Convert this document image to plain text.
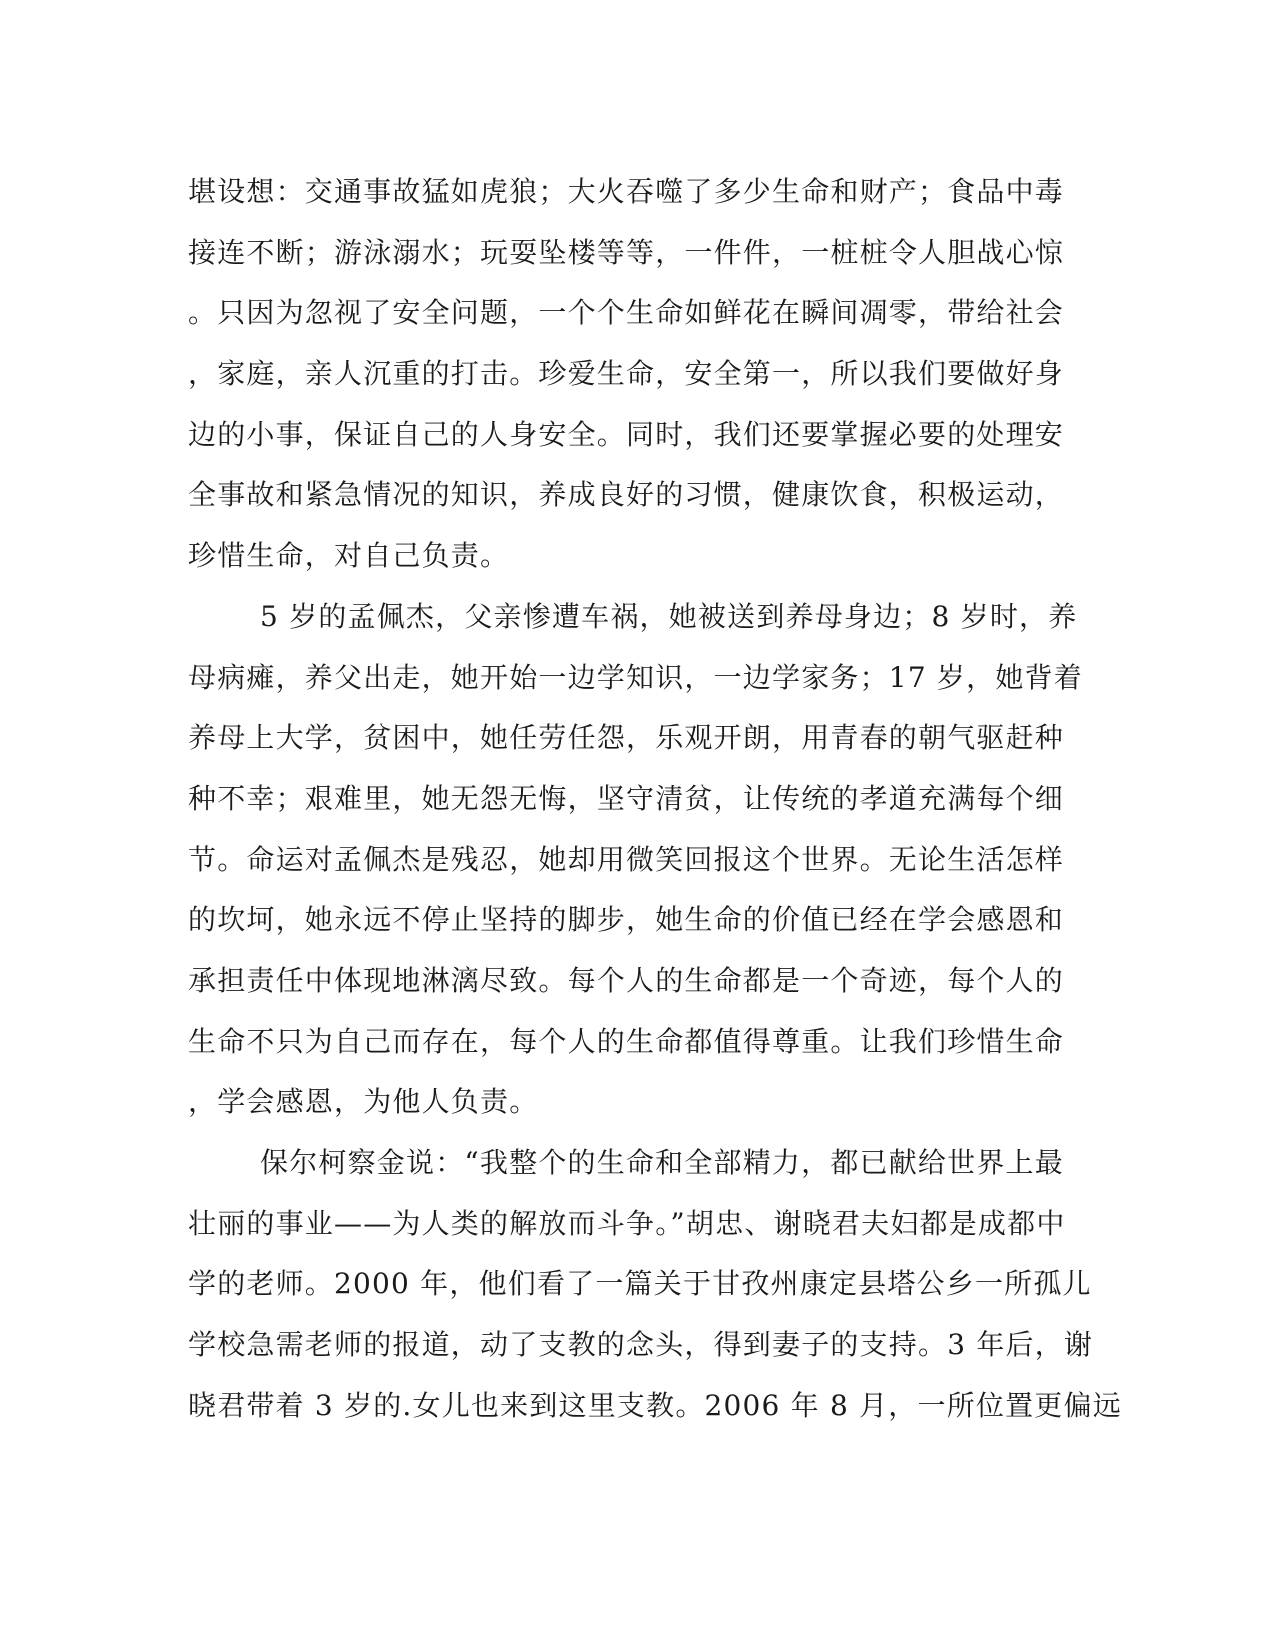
堪设想：交通事故猛如虎狼；大火吞噬了多少生命和财产；食品中毒
接连不断；游泳溺水；玩耍坠楼等等，一件件，一桩桩令人胆战心惊
。只因为忽视了安全问题，一个个生命如鲜花在瞬间凋零，带给社会
，家庭，亲人沉重的打击。珍爱生命，安全第一，所以我们要做好身
边的小事，保证自己的人身安全。同时，我们还要掌握必要的处理安
全事故和紧急情况的知识，养成良好的习惯，健康饮食，积极运动，
珍惜生命，对自己负责。
5 岁的孟佩杰，父亲惨遭车祸，她被送到养母身边；8 岁时，养
母病瘫，养父出走，她开始一边学知识，一边学家务；17 岁，她背着
养母上大学，贫困中，她任劳任怨，乐观开朗，用青春的朝气驱赶种
种不幸；艰难里，她无怨无悔，坚守清贫，让传统的孝道充满每个细
节。命运对孟佩杰是残忍，她却用微笑回报这个世界。无论生活怎样
的坎坷，她永远不停止坚持的脚步，她生命的价值已经在学会感恩和
承担责任中体现地淋漓尽致。每个人的生命都是一个奇迹，每个人的
生命不只为自己而存在，每个人的生命都值得尊重。让我们珍惜生命
，学会感恩，为他人负责。
保尔柯察金说：“我整个的生命和全部精力，都已献给世界上最
壮丽的事业——为人类的解放而斗争。”胡忠、谢晓君夫妇都是成都中
学的老师。2000 年，他们看了一篇关于甘孜州康定县塔公乡一所孤儿
学校急需老师的报道，动了支教的念头，得到妻子的支持。3 年后，谢
晓君带着 3 岁的.女儿也来到这里支教。2006 年 8 月，一所位置更偏远
